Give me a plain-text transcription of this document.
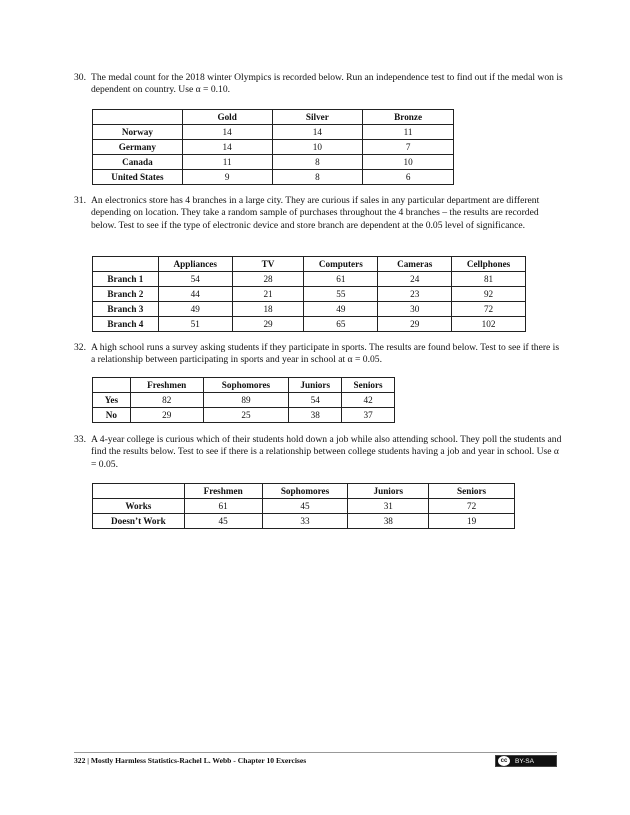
30. The medal count for the 2018 winter Olympics is recorded below. Run an independence test to find out if the medal won is dependent on country. Use α = 0.10.
	Gold	Silver	Bronze
Norway	14	14	11
Germany	14	10	7
Canada	11	8	10
United States	9	8	6
31. An electronics store has 4 branches in a large city. They are curious if sales in any particular department are different depending on location. They take a random sample of purchases throughout the 4 branches – the results are recorded below. Test to see if the type of electronic device and store branch are dependent at the 0.05 level of significance.
	Appliances	TV	Computers	Cameras	Cellphones
Branch 1	54	28	61	24	81
Branch 2	44	21	55	23	92
Branch 3	49	18	49	30	72
Branch 4	51	29	65	29	102
32. A high school runs a survey asking students if they participate in sports. The results are found below. Test to see if there is a relationship between participating in sports and year in school at α = 0.05.
	Freshmen	Sophomores	Juniors	Seniors
Yes	82	89	54	42
No	29	25	38	37
33. A 4-year college is curious which of their students hold down a job while also attending school. They poll the students and find the results below. Test to see if there is a relationship between college students having a job and year in school. Use α = 0.05.
	Freshmen	Sophomores	Juniors	Seniors
Works	61	45	31	72
Doesn’t Work	45	33	38	19
322 | Mostly Harmless Statistics-Rachel L. Webb - Chapter 10 Exercises	cc	BY-SA
